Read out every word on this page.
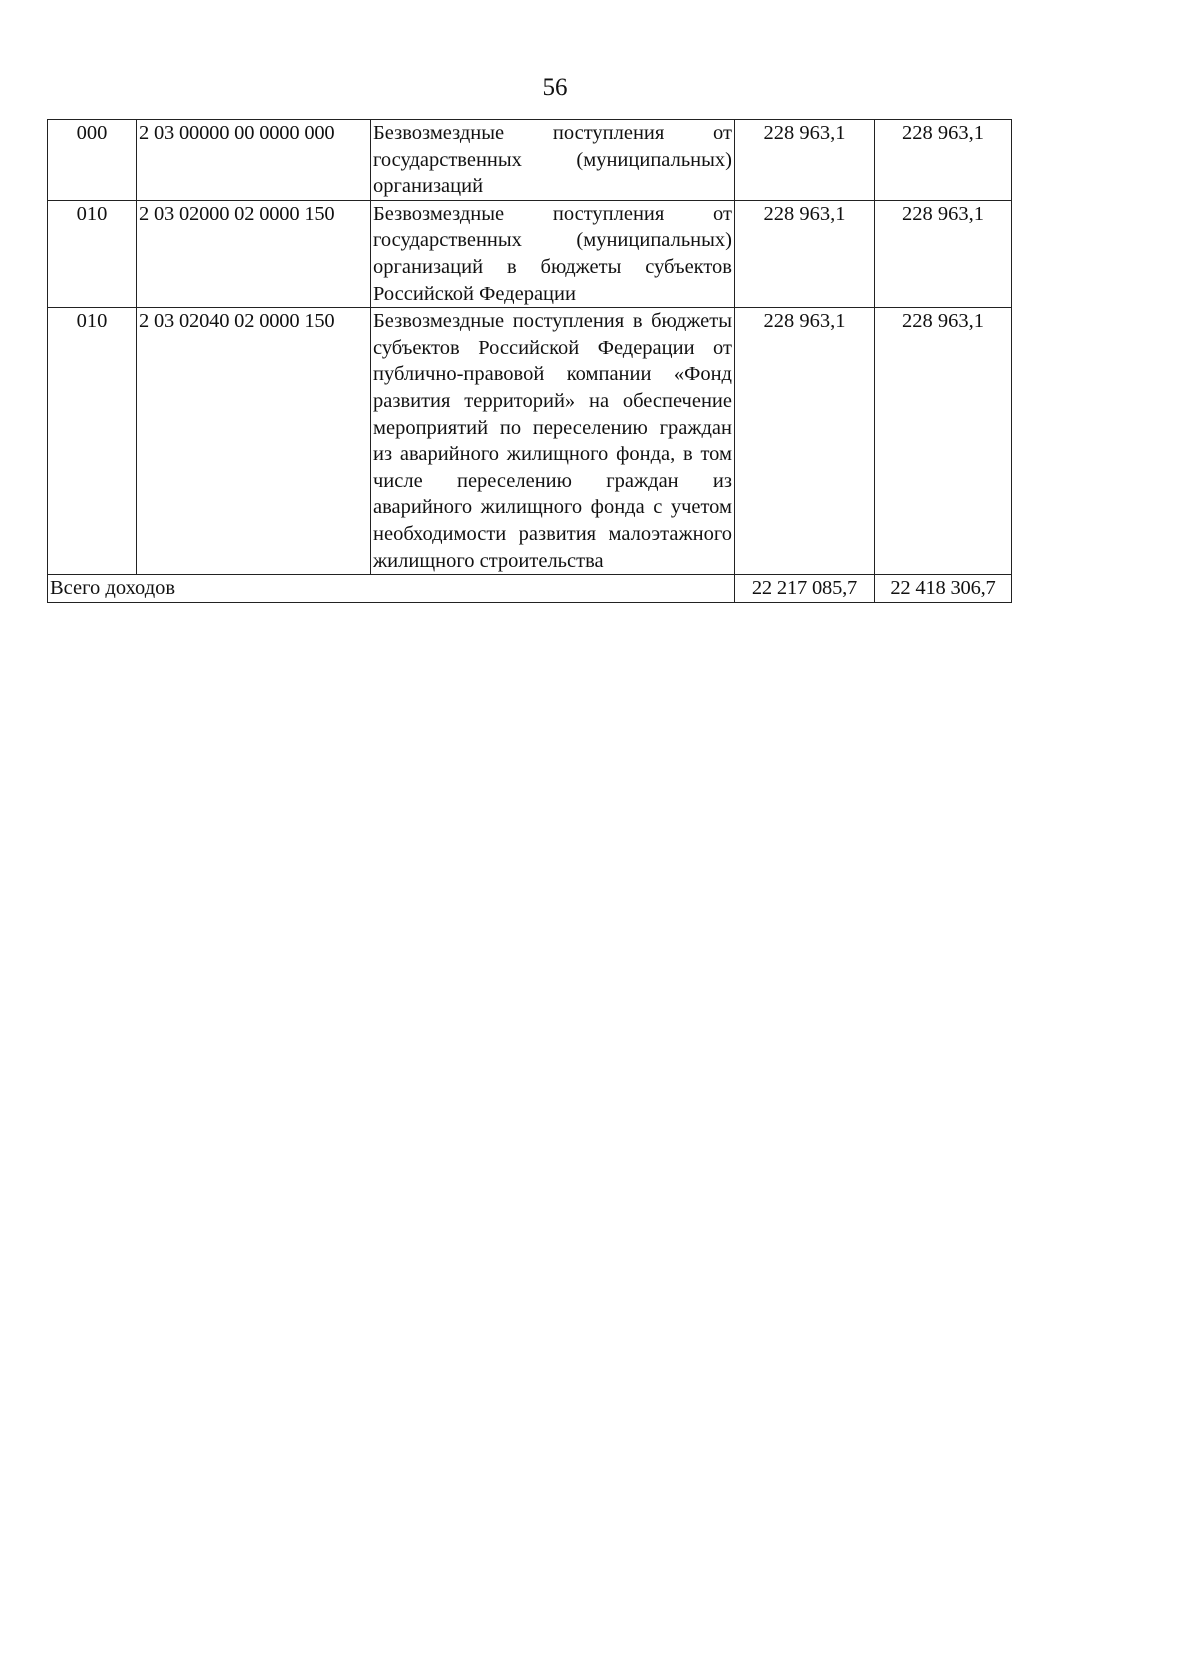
56
000	2 03 00000 00 0000 000	Безвозмездные поступления от государственных (муниципальных) организаций	228 963,1	228 963,1
010	2 03 02000 02 0000 150	Безвозмездные поступления от государственных (муниципальных) организаций в бюджеты субъектов Российской Федерации	228 963,1	228 963,1
010	2 03 02040 02 0000 150	Безвозмездные поступления в бюджеты субъектов Российской Федерации от публично-правовой компании «Фонд развития территорий» на обеспечение мероприятий по переселению граждан из аварийного жилищного фонда, в том числе переселению граждан из аварийного жилищного фонда с учетом необходимости развития малоэтажного жилищного строительства	228 963,1	228 963,1
Всего доходов			22 217 085,7	22 418 306,7
